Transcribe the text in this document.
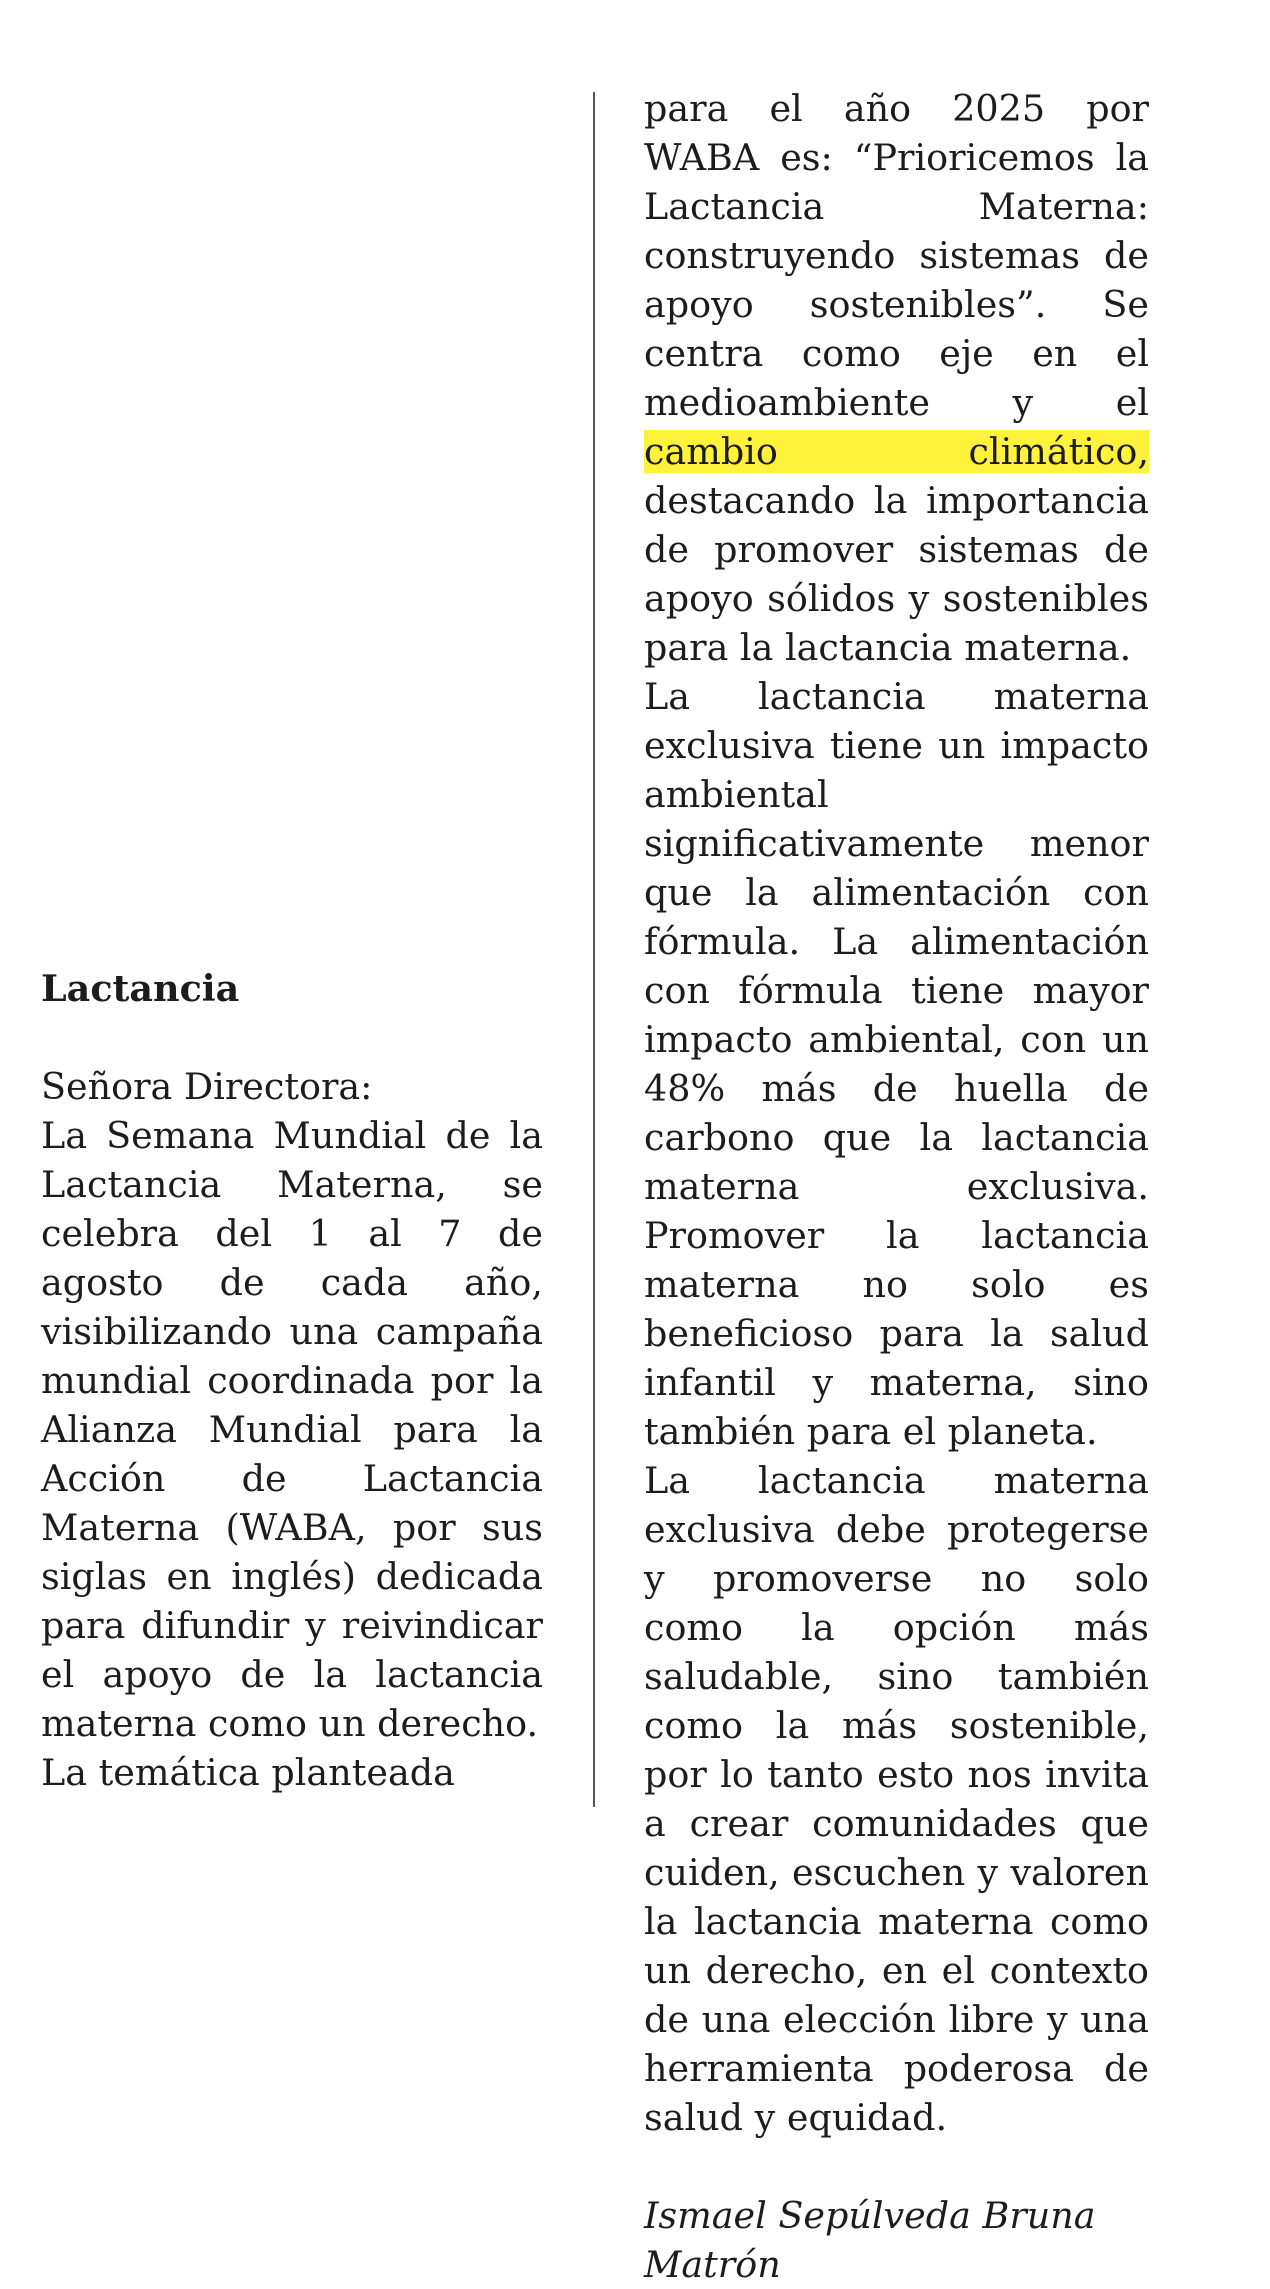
Lactancia
Señora Directora:
La Semana Mundial de la Lactancia Materna, se celebra del 1 al 7 de agosto de cada año, visibilizando una campaña mundial coordinada por la Alianza Mundial para la Acción de Lactancia Materna (WABA, por sus siglas en inglés) dedicada para difundir y reivindicar el apoyo de la lactancia materna como un derecho.
La temática planteada
para el año 2025 por WABA es: “Prioricemos la Lactancia Materna: construyendo sistemas de apoyo sostenibles”. Se centra como eje en el medioambiente y el cambio climático, destacando la importancia de promover sistemas de apoyo sólidos y sostenibles para la lactancia materna.
La lactancia materna exclusiva tiene un impacto ambiental significativamente menor que la alimentación con fórmula. La alimentación con fórmula tiene mayor impacto ambiental, con un 48% más de huella de carbono que la lactancia materna exclusiva. Promover la lactancia materna no solo es beneficioso para la salud infantil y materna, sino también para el planeta.
La lactancia materna exclusiva debe protegerse y promoverse no solo como la opción más saludable, sino también como la más sostenible, por lo tanto esto nos invita a crear comunidades que cuiden, escuchen y valoren la lactancia materna como un derecho, en el contexto de una elección libre y una herramienta poderosa de salud y equidad.
Ismael Sepúlveda Bruna
Matrón
